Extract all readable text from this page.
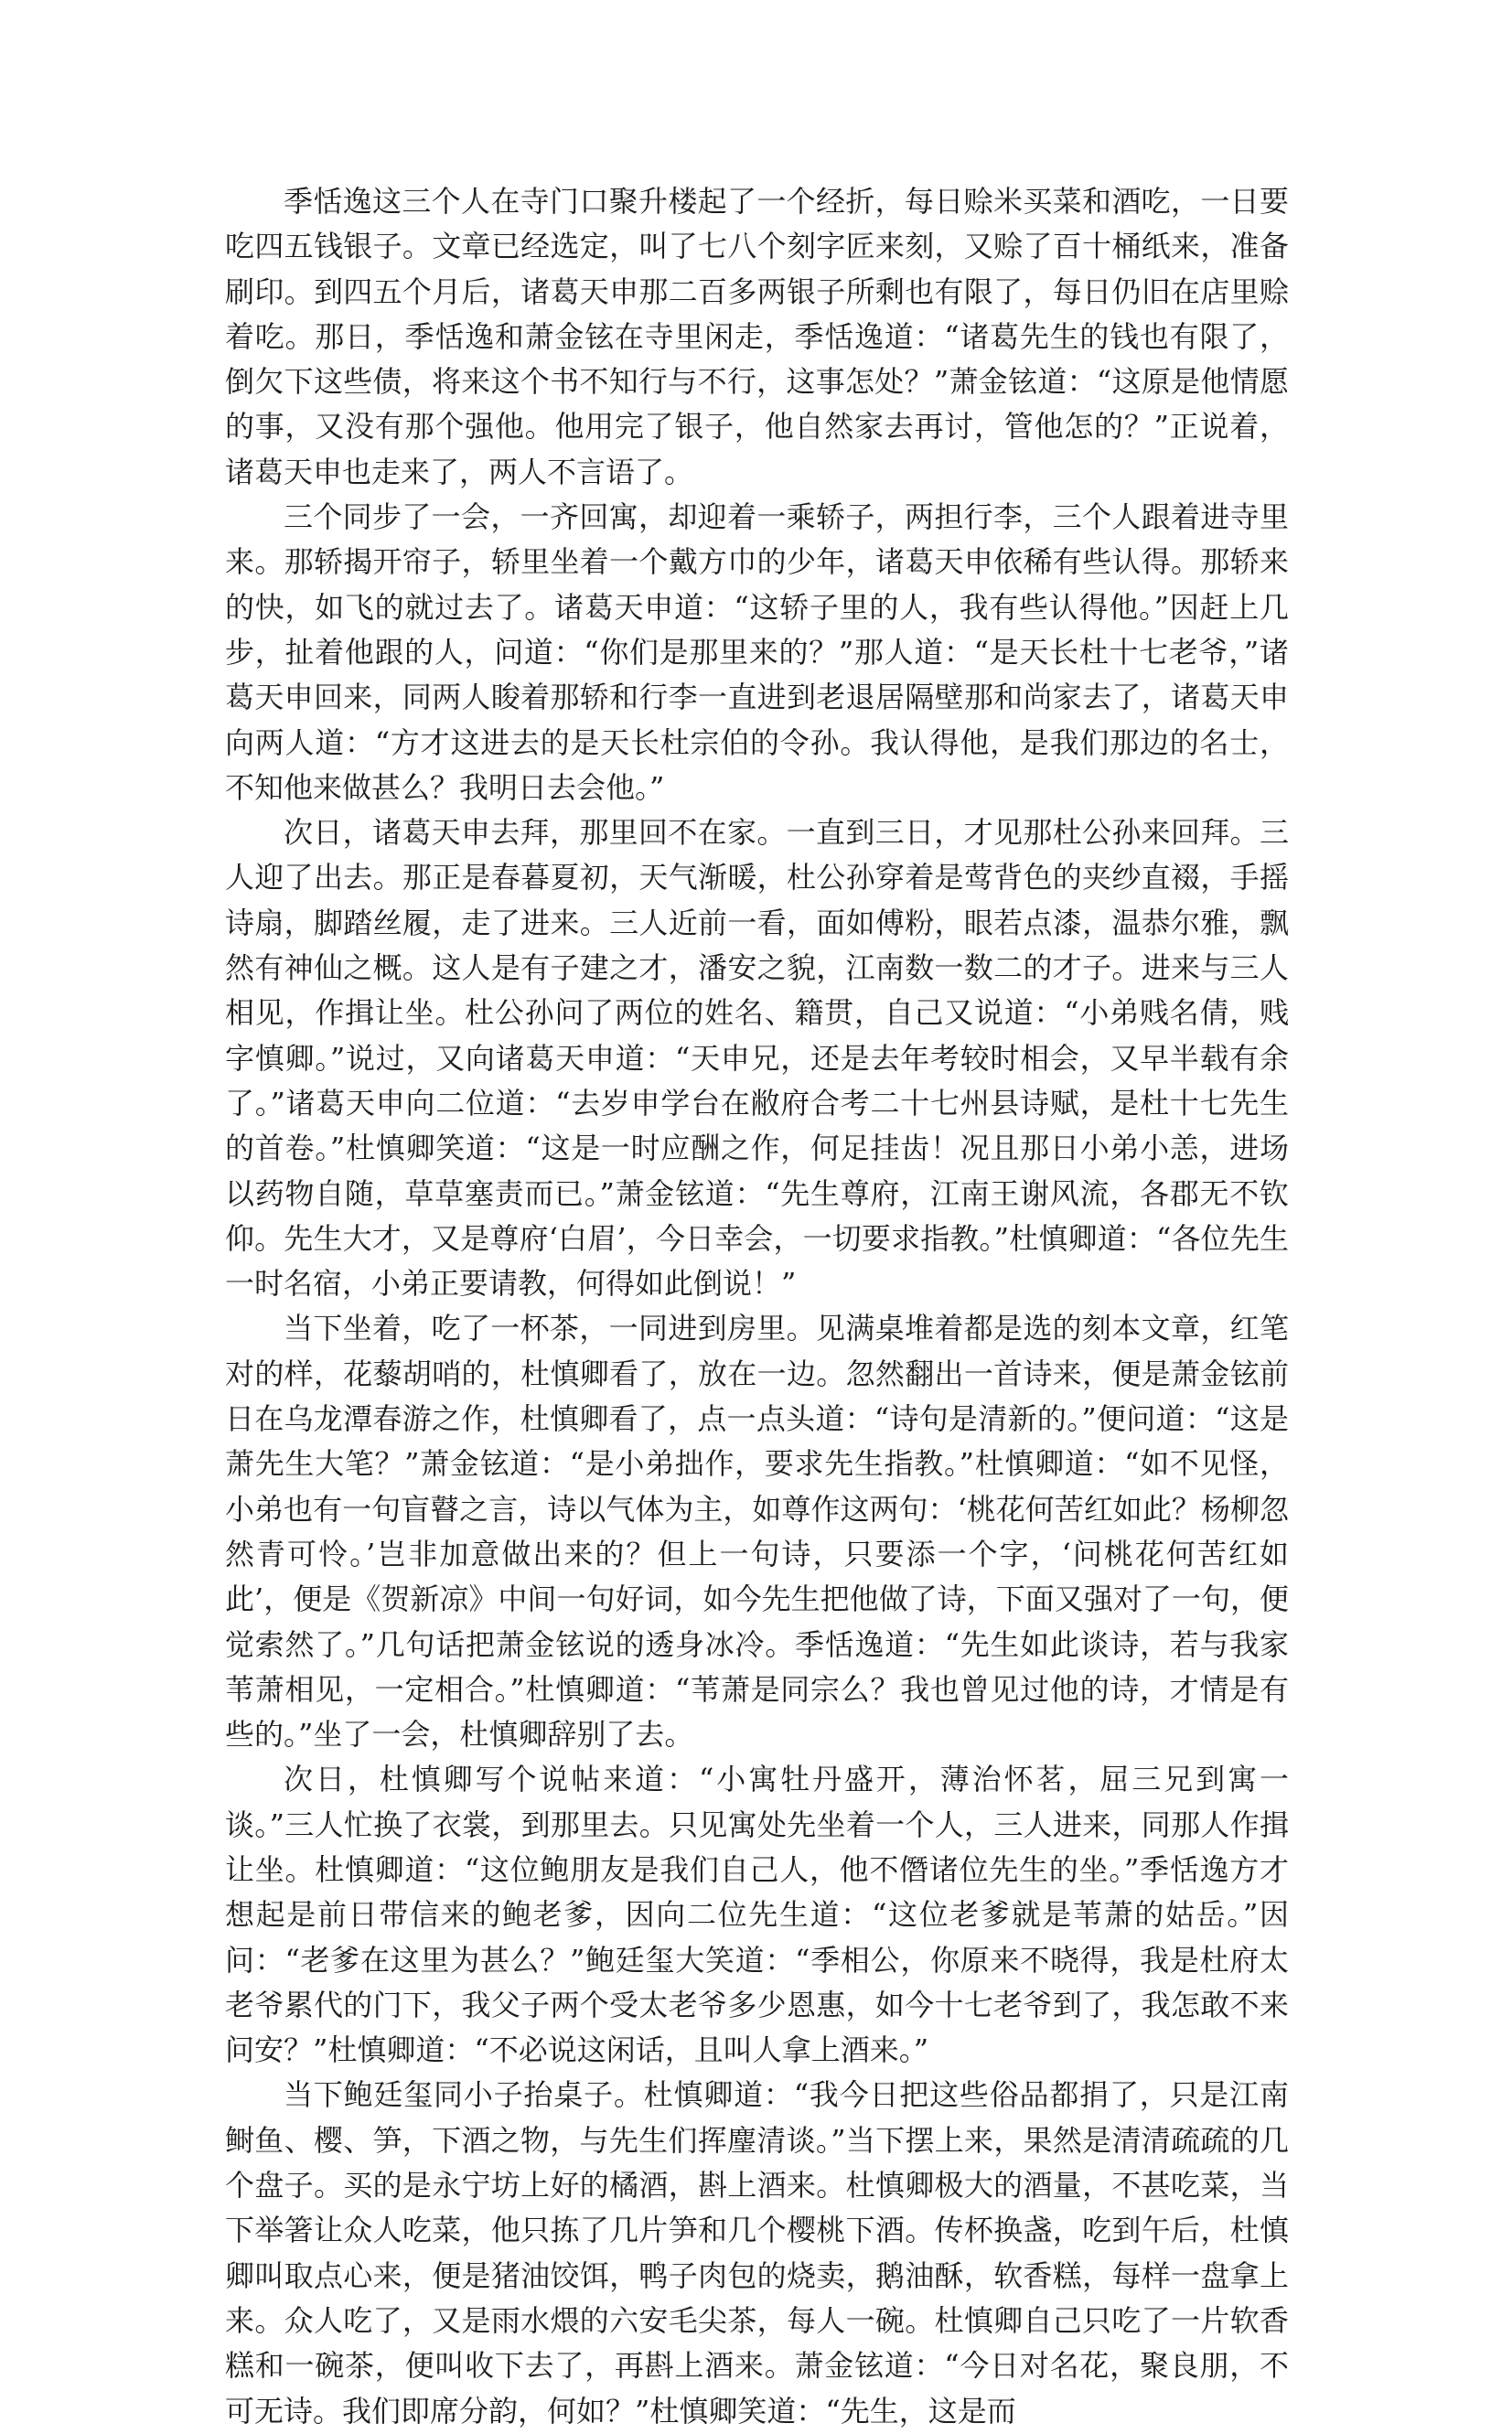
季恬逸这三个人在寺门口聚升楼起了一个经折，每日赊米买菜和酒吃，一日要吃四五钱银子。文章已经选定，叫了七八个刻字匠来刻，又赊了百十桶纸来，准备刷印。到四五个月后，诸葛天申那二百多两银子所剩也有限了，每日仍旧在店里赊着吃。那日，季恬逸和萧金铉在寺里闲走，季恬逸道：“诸葛先生的钱也有限了，倒欠下这些债，将来这个书不知行与不行，这事怎处？”萧金铉道：“这原是他情愿的事，又没有那个强他。他用完了银子，他自然家去再讨，管他怎的？”正说着，诸葛天申也走来了，两人不言语了。

三个同步了一会，一齐回寓，却迎着一乘轿子，两担行李，三个人跟着进寺里来。那轿揭开帘子，轿里坐着一个戴方巾的少年，诸葛天申依稀有些认得。那轿来的快，如飞的就过去了。诸葛天申道：“这轿子里的人，我有些认得他。”因赶上几步，扯着他跟的人，问道：“你们是那里来的？”那人道：“是天长杜十七老爷，”诸葛天申回来，同两人睃着那轿和行李一直进到老退居隔壁那和尚家去了，诸葛天申向两人道：“方才这进去的是天长杜宗伯的令孙。我认得他，是我们那边的名士，不知他来做甚么？我明日去会他。”

次日，诸葛天申去拜，那里回不在家。一直到三日，才见那杜公孙来回拜。三人迎了出去。那正是春暮夏初，天气渐暖，杜公孙穿着是莺背色的夹纱直裰，手摇诗扇，脚踏丝履，走了进来。三人近前一看，面如傅粉，眼若点漆，温恭尔雅，飘然有神仙之概。这人是有子建之才，潘安之貌，江南数一数二的才子。进来与三人相见，作揖让坐。杜公孙问了两位的姓名、籍贯，自己又说道：“小弟贱名倩，贱字慎卿。”说过，又向诸葛天申道：“天申兄，还是去年考较时相会，又早半载有余了。”诸葛天申向二位道：“去岁申学台在敝府合考二十七州县诗赋，是杜十七先生的首卷。”杜慎卿笑道：“这是一时应酬之作，何足挂齿！况且那日小弟小恙，进场以药物自随，草草塞责而已。”萧金铉道：“先生尊府，江南王谢风流，各郡无不钦仰。先生大才，又是尊府‘白眉’，今日幸会，一切要求指教。”杜慎卿道：“各位先生一时名宿，小弟正要请教，何得如此倒说！”

当下坐着，吃了一杯茶，一同进到房里。见满桌堆着都是选的刻本文章，红笔对的样，花藜胡哨的，杜慎卿看了，放在一边。忽然翻出一首诗来，便是萧金铉前日在乌龙潭春游之作，杜慎卿看了，点一点头道：“诗句是清新的。”便问道：“这是萧先生大笔？”萧金铉道：“是小弟拙作，要求先生指教。”杜慎卿道：“如不见怪，小弟也有一句盲瞽之言，诗以气体为主，如尊作这两句：‘桃花何苦红如此？杨柳忽然青可怜。’岂非加意做出来的？但上一句诗，只要添一个字，‘问桃花何苦红如此’，便是《贺新凉》中间一句好词，如今先生把他做了诗，下面又强对了一句，便觉索然了。”几句话把萧金铉说的透身冰冷。季恬逸道：“先生如此谈诗，若与我家苇萧相见，一定相合。”杜慎卿道：“苇萧是同宗么？我也曾见过他的诗，才情是有些的。”坐了一会，杜慎卿辞别了去。

次日，杜慎卿写个说帖来道：“小寓牡丹盛开，薄治怀茗，屈三兄到寓一谈。”三人忙换了衣裳，到那里去。只见寓处先坐着一个人，三人进来，同那人作揖让坐。杜慎卿道：“这位鲍朋友是我们自己人，他不僭诸位先生的坐。”季恬逸方才想起是前日带信来的鲍老爹，因向二位先生道：“这位老爹就是苇萧的姑岳。”因问：“老爹在这里为甚么？”鲍廷玺大笑道：“季相公，你原来不晓得，我是杜府太老爷累代的门下，我父子两个受太老爷多少恩惠，如今十七老爷到了，我怎敢不来问安？”杜慎卿道：“不必说这闲话，且叫人拿上酒来。”

当下鲍廷玺同小子抬桌子。杜慎卿道：“我今日把这些俗品都捐了，只是江南鲥鱼、樱、笋，下酒之物，与先生们挥麈清谈。”当下摆上来，果然是清清疏疏的几个盘子。买的是永宁坊上好的橘酒，斟上酒来。杜慎卿极大的酒量，不甚吃菜，当下举箸让众人吃菜，他只拣了几片笋和几个樱桃下酒。传杯换盏，吃到午后，杜慎卿叫取点心来，便是猪油饺饵，鸭子肉包的烧卖，鹅油酥，软香糕，每样一盘拿上来。众人吃了，又是雨水煨的六安毛尖茶，每人一碗。杜慎卿自己只吃了一片软香糕和一碗茶，便叫收下去了，再斟上酒来。萧金铉道：“今日对名花，聚良朋，不可无诗。我们即席分韵，何如？”杜慎卿笑道：“先生，这是而
